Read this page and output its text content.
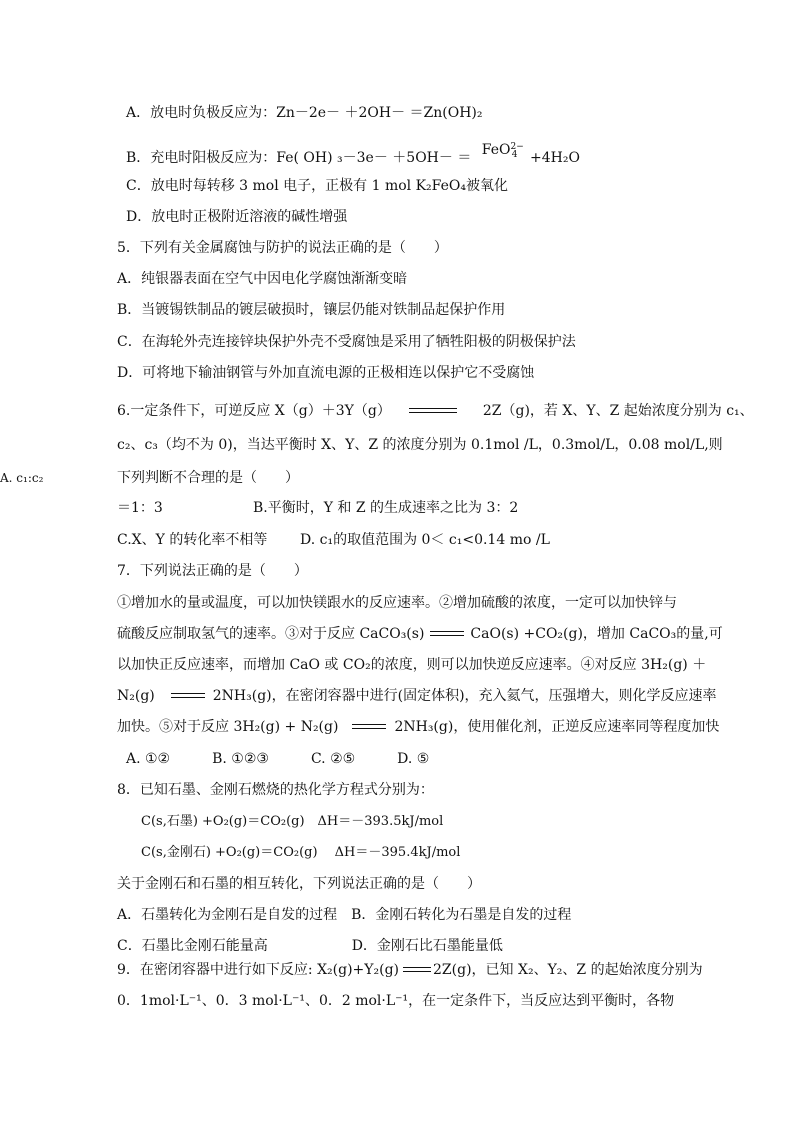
A．放电时负极反应为：Zn－2e－ ＋2OH－ ＝Zn(OH)₂
B．充电时阳极反应为：Fe( OH) ₃－3e－ ＋5OH－ ＝ FeO$^{2-}_4$ +4H₂O
C．放电时每转移 3 mol 电子，正极有 1 mol K₂FeO₄被氧化
D．放电时正极附近溶液的碱性增强
5．下列有关金属腐蚀与防护的说法正确的是（　　）
A．纯银器表面在空气中因电化学腐蚀渐渐变暗
B．当镀锡铁制品的镀层破损时，镶层仍能对铁制品起保护作用
C．在海轮外壳连接锌块保护外壳不受腐蚀是采用了牺牲阳极的阴极保护法
D．可将地下输油钢管与外加直流电源的正极相连以保护它不受腐蚀
6.一定条件下，可逆反应 X（g）＋3Y（g）	2Z（g)，若 X、Y、Z 起始浓度分别为 c₁、
c₂、c₃（均不为 0)，当达平衡时 X、Y、Z 的浓度分别为 0.1mol /L，0.3mol/L，0.08 mol/L,则
下列判断不合理的是（　　）
A. c₁:c₂
＝1：3	B.平衡时，Y 和 Z 的生成速率之比为 3：2
C.X、Y 的转化率不相等 D. c₁的取值范围为 0＜ c₁<0.14 mo /L
7．下列说法正确的是（　　）
①增加水的量或温度，可以加快镁跟水的反应速率。②增加硫酸的浓度，一定可以加快锌与
硫酸反应制取氢气的速率。③对于反应 CaCO₃(s)	CaO(s) +CO₂(g)，增加 CaCO₃的量,可
以加快正反应速率，而增加 CaO 或 CO₂的浓度，则可以加快逆反应速率。④对反应 3H₂(g) ＋
N₂(g)	2NH₃(g)，在密闭容器中进行(固定体积)，充入氦气，压强增大，则化学反应速率
加快。⑤对于反应 3H₂(g) + N₂(g)	2NH₃(g)，使用催化剂，正逆反应速率同等程度加快
A. ①②　　　B. ①②③　　　C. ②⑤　　　D. ⑤
8．已知石墨、金刚石燃烧的热化学方程式分别为：
C(s,石墨) +O₂(g)＝CO₂(g)　ΔH＝－393.5kJ/mol
C(s,金刚石) +O₂(g)＝CO₂(g)　 ΔH＝－395.4kJ/mol
关于金刚石和石墨的相互转化，下列说法正确的是（　　）
A．石墨转化为金刚石是自发的过程　B．金刚石转化为石墨是自发的过程
C．石墨比金刚石能量高　　　　　　D．金刚石比石墨能量低
9．在密闭容器中进行如下反应: X₂(g)+Y₂(g) 2Z(g)，已知 X₂、Y₂、Z 的起始浓度分别为
0．1mol·L⁻¹、0．3 mol·L⁻¹、0．2 mol·L⁻¹，在一定条件下，当反应达到平衡时，各物
